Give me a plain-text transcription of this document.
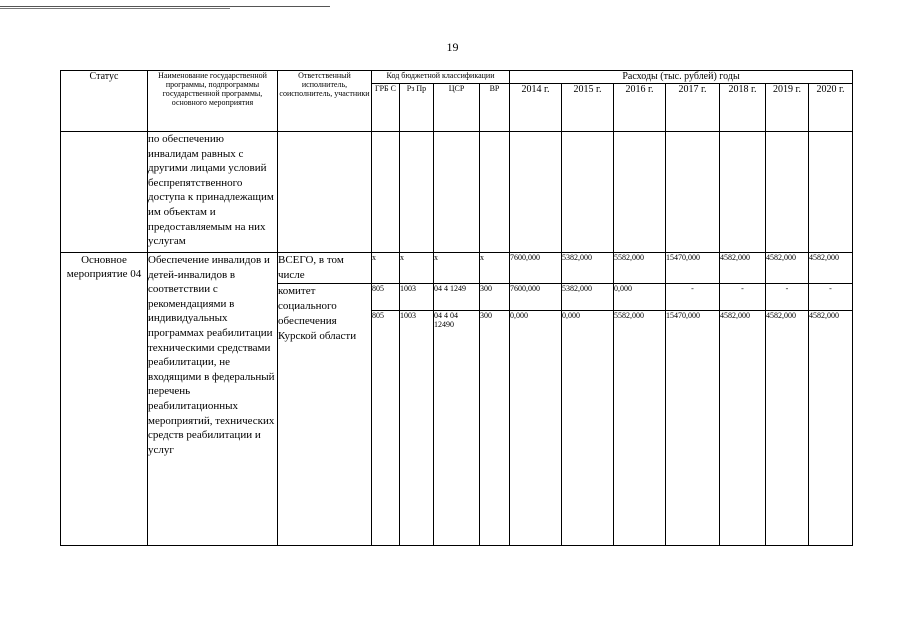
19
Статус	Наименование государственной программы, подпрограммы государственной программы, основного мероприятия	Ответственный исполнитель, соисполнитель, участники	Код бюджетной классификации				Расходы (тыс. рублей) годы						
			ГРБ С	Рз Пр	ЦСР	ВР	2014 г.	2015 г.	2016 г.	2017 г.	2018 г.	2019 г.	2020 г.
	по обеспечению инвалидам равных с другими лицами условий беспрепятственного доступа к принадлежащим им объектам и предоставляемым на них услугам												
Основное мероприятие 04	Обеспечение инвалидов и детей-инвалидов в соответствии с рекомендациями в индивидуальных программах реабилитации техническими средствами реабилитации, не входящими в федеральный перечень реабилитационных мероприятий, технических средств реабилитации и услуг	ВСЕГО, в том числе	х	х	х	х	7600,000	5382,000	5582,000	15470,000	4582,000	4582,000	4582,000
		комитет социального обеспечения Курской области	805	1003	04 4 1249	300	7600,000	5382,000	0,000	-	-	-	-
			805	1003	04 4 04 12490	300	0,000	0,000	5582,000	15470,000	4582,000	4582,000	4582,000
